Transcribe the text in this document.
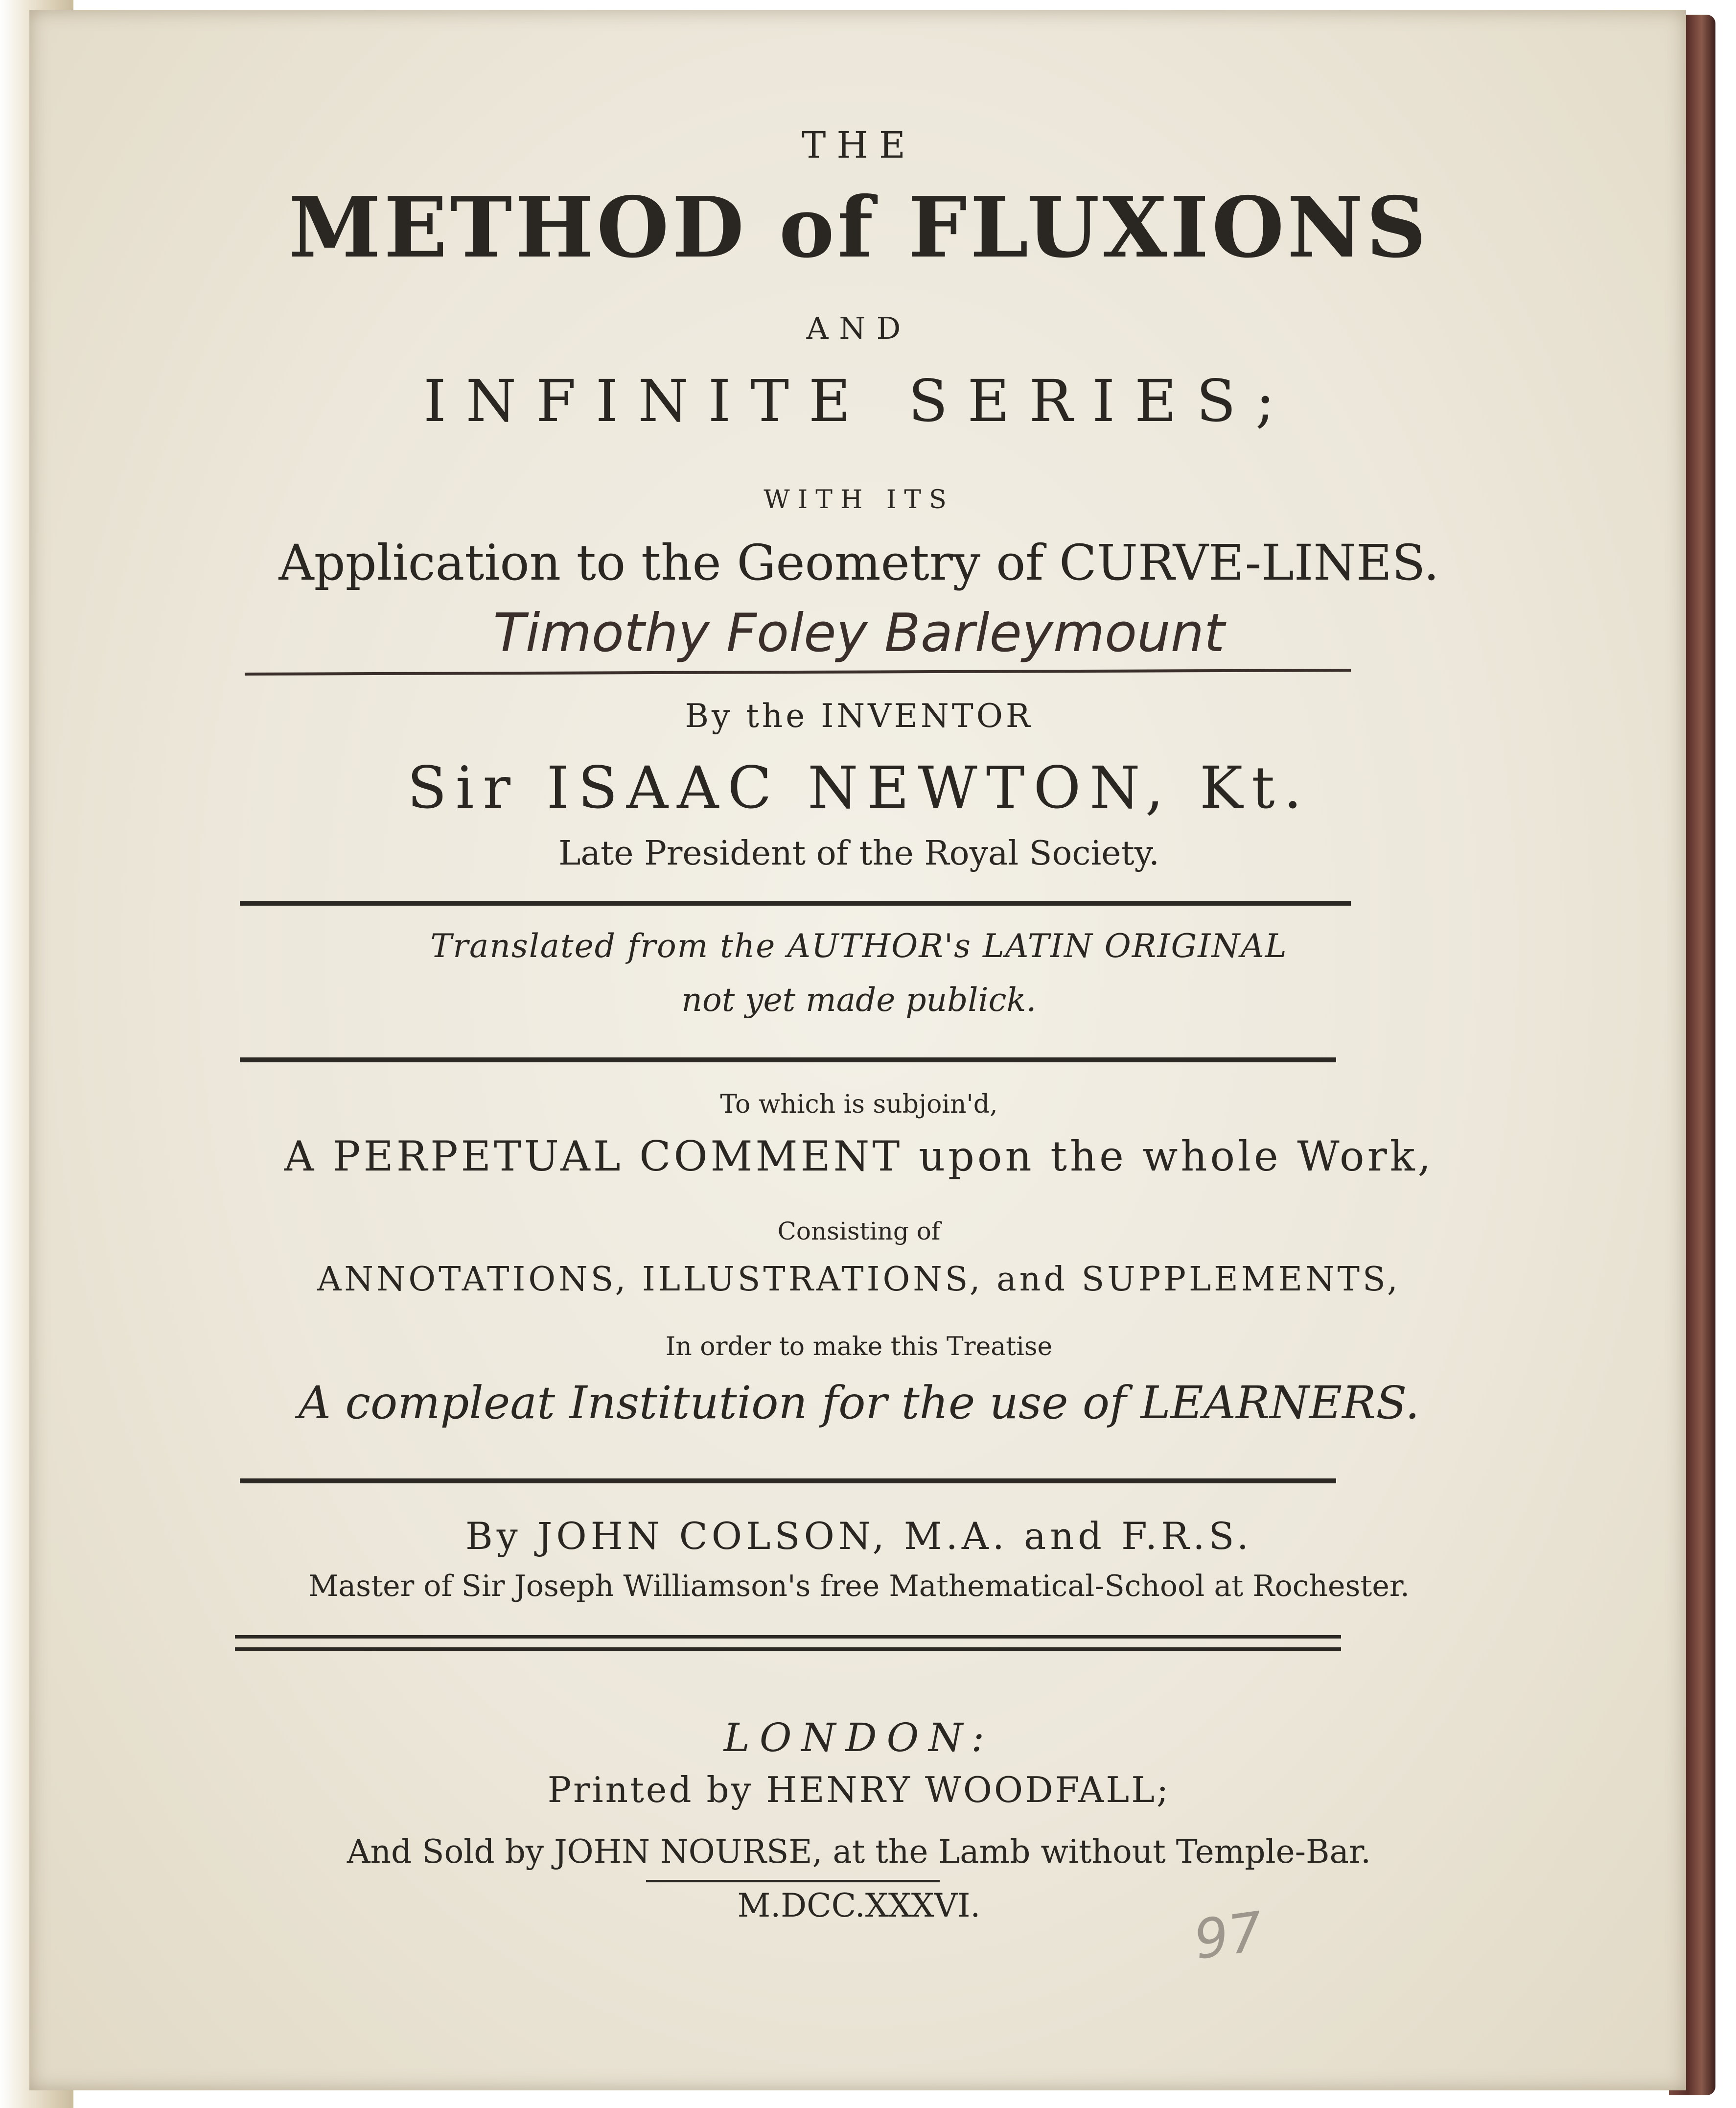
THE
METHOD of FLUXIONS
AND
INFINITE SERIES;
WITH ITS
Application to the Geometry of CURVE-LINES.
Timothy Foley Barleymount
By the INVENTOR
Sir ISAAC NEWTON, Kt.
Late President of the Royal Society.
Translated from the AUTHOR's LATIN ORIGINAL
not yet made publick.
To which is subjoin'd,
A PERPETUAL COMMENT upon the whole Work,
Consisting of
ANNOTATIONS, ILLUSTRATIONS, and SUPPLEMENTS,
In order to make this Treatise
A compleat Institution for the use of LEARNERS.
By JOHN COLSON, M.A. and F.R.S.
Master of Sir Joseph Williamson's free Mathematical-School at Rochester.
LONDON:
Printed by HENRY WOODFALL;
And Sold by JOHN NOURSE, at the Lamb without Temple-Bar.
M.DCC.XXXVI.	97
